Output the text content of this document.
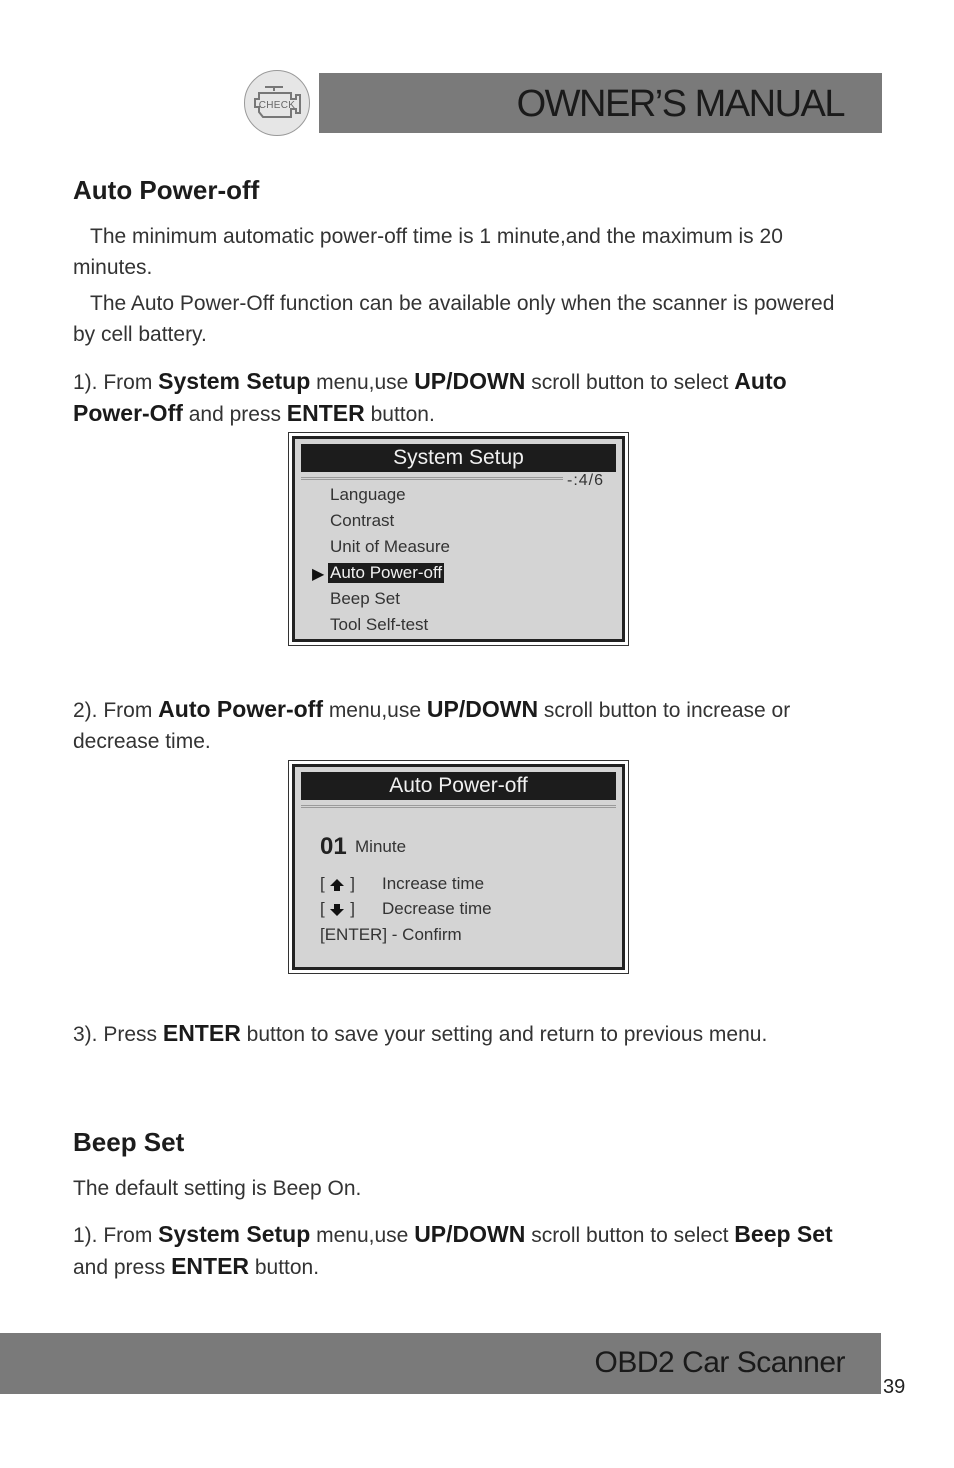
CHECK	OWNER’S MANUAL
Auto Power-off
The minimum automatic power-off time is 1 minute,and the maximum is 20 minutes.
The Auto Power-Off function can be available only when the scanner is powered by cell battery.
1). From System Setup menu,use UP/DOWN scroll button to select Auto Power-Off and press ENTER button.
System Setup
-:4/6
Language
Contrast
Unit of Measure
Auto Power-off
▶
Beep Set
Tool Self-test
2). From Auto Power-off menu,use UP/DOWN scroll button to increase or decrease time.
Auto Power-off
01 Minute
[ ] Increase time
[ ] Decrease time
[ENTER] - Confirm
3). Press ENTER button to save your setting and return to previous menu.
Beep Set
The default setting is Beep On.
1). From System Setup menu,use UP/DOWN scroll button to select Beep Set and press ENTER button.
OBD2 Car Scanner
39
